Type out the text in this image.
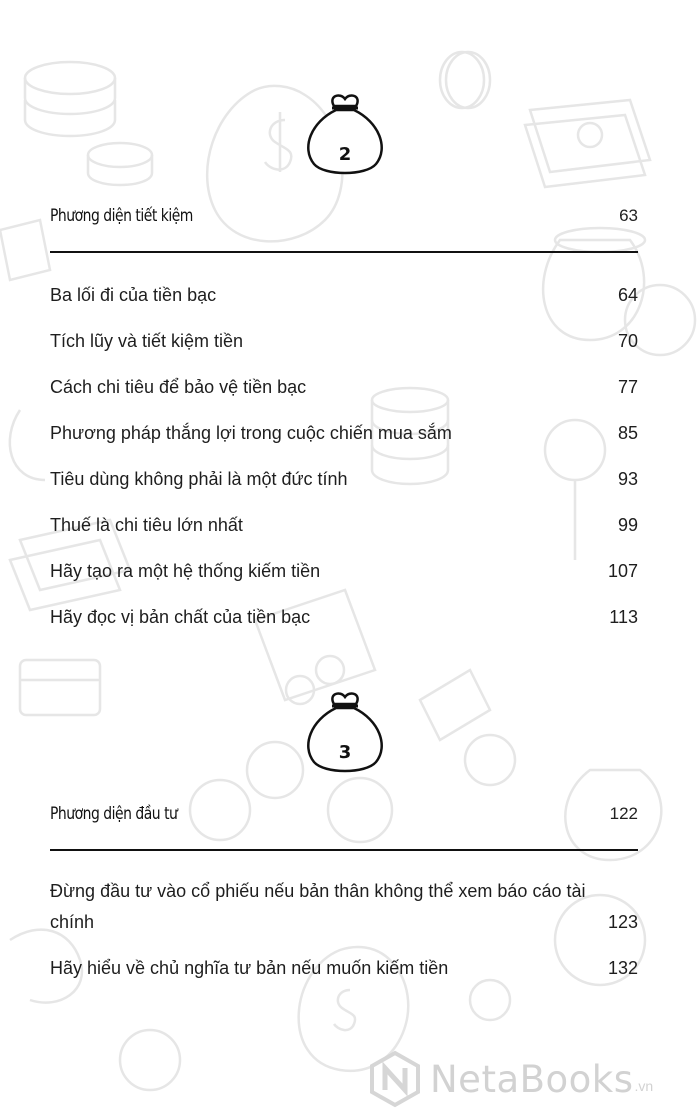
2
Phương diện tiết kiệm	63
Ba lối đi của tiền bạc	64
Tích lũy và tiết kiệm tiền	70
Cách chi tiêu để bảo vệ tiền bạc	77
Phương pháp thắng lợi trong cuộc chiến mua sắm	85
Tiêu dùng không phải là một đức tính	93
Thuế là chi tiêu lớn nhất	99
Hãy tạo ra một hệ thống kiếm tiền	107
Hãy đọc vị bản chất của tiền bạc	113
3
Phương diện đầu tư	122
Đừng đầu tư vào cổ phiếu nếu bản thân không thể xem báo cáo tài chính	123
Hãy hiểu về chủ nghĩa tư bản nếu muốn kiếm tiền	132
NetaBooks .vn
